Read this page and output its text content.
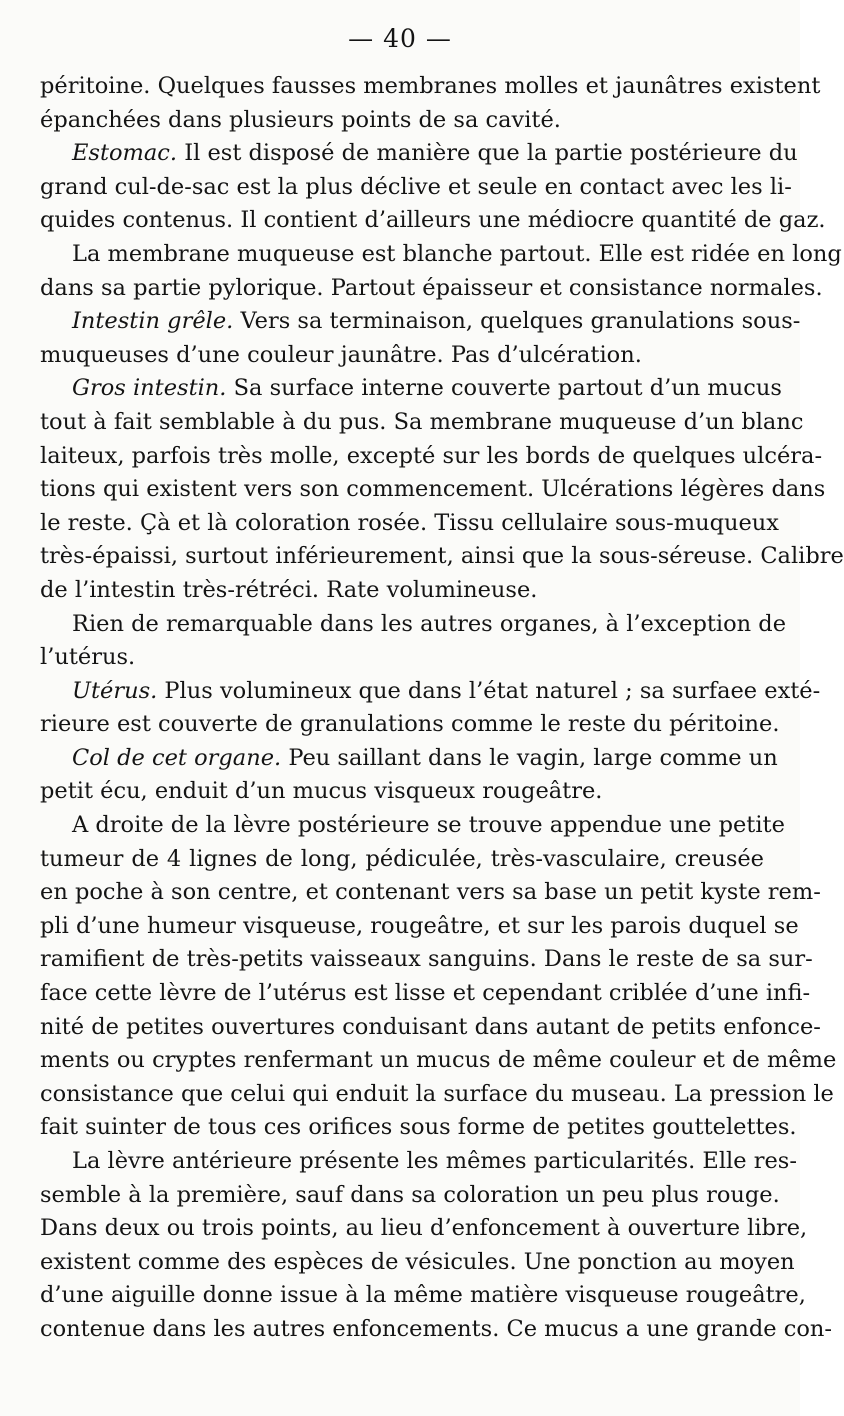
— 40 —
péritoine. Quelques fausses membranes molles et jaunâtres existent
épanchées dans plusieurs points de sa cavité.
Estomac. Il est disposé de manière que la partie postérieure du
grand cul-de-sac est la plus déclive et seule en contact avec les li-
quides contenus. Il contient d’ailleurs une médiocre quantité de gaz.
La membrane muqueuse est blanche partout. Elle est ridée en long
dans sa partie pylorique. Partout épaisseur et consistance normales.
Intestin grêle. Vers sa terminaison, quelques granulations sous-
muqueuses d’une couleur jaunâtre. Pas d’ulcération.
Gros intestin. Sa surface interne couverte partout d’un mucus
tout à fait semblable à du pus. Sa membrane muqueuse d’un blanc
laiteux, parfois très molle, excepté sur les bords de quelques ulcéra-
tions qui existent vers son commencement. Ulcérations légères dans
le reste. Çà et là coloration rosée. Tissu cellulaire sous-muqueux
très-épaissi, surtout inférieurement, ainsi que la sous-séreuse. Calibre
de l’intestin très-rétréci. Rate volumineuse.
Rien de remarquable dans les autres organes, à l’exception de
l’utérus.
Utérus. Plus volumineux que dans l’état naturel ; sa surfaee exté-
rieure est couverte de granulations comme le reste du péritoine.
Col de cet organe. Peu saillant dans le vagin, large comme un
petit écu, enduit d’un mucus visqueux rougeâtre.
A droite de la lèvre postérieure se trouve appendue une petite
tumeur de 4 lignes de long, pédiculée, très-vasculaire, creusée
en poche à son centre, et contenant vers sa base un petit kyste rem-
pli d’une humeur visqueuse, rougeâtre, et sur les parois duquel se
ramifient de très-petits vaisseaux sanguins. Dans le reste de sa sur-
face cette lèvre de l’utérus est lisse et cependant criblée d’une infi-
nité de petites ouvertures conduisant dans autant de petits enfonce-
ments ou cryptes renfermant un mucus de même couleur et de même
consistance que celui qui enduit la surface du museau. La pression le
fait suinter de tous ces orifices sous forme de petites gouttelettes.
La lèvre antérieure présente les mêmes particularités. Elle res-
semble à la première, sauf dans sa coloration un peu plus rouge.
Dans deux ou trois points, au lieu d’enfoncement à ouverture libre,
existent comme des espèces de vésicules. Une ponction au moyen
d’une aiguille donne issue à la même matière visqueuse rougeâtre,
contenue dans les autres enfoncements. Ce mucus a une grande con-
